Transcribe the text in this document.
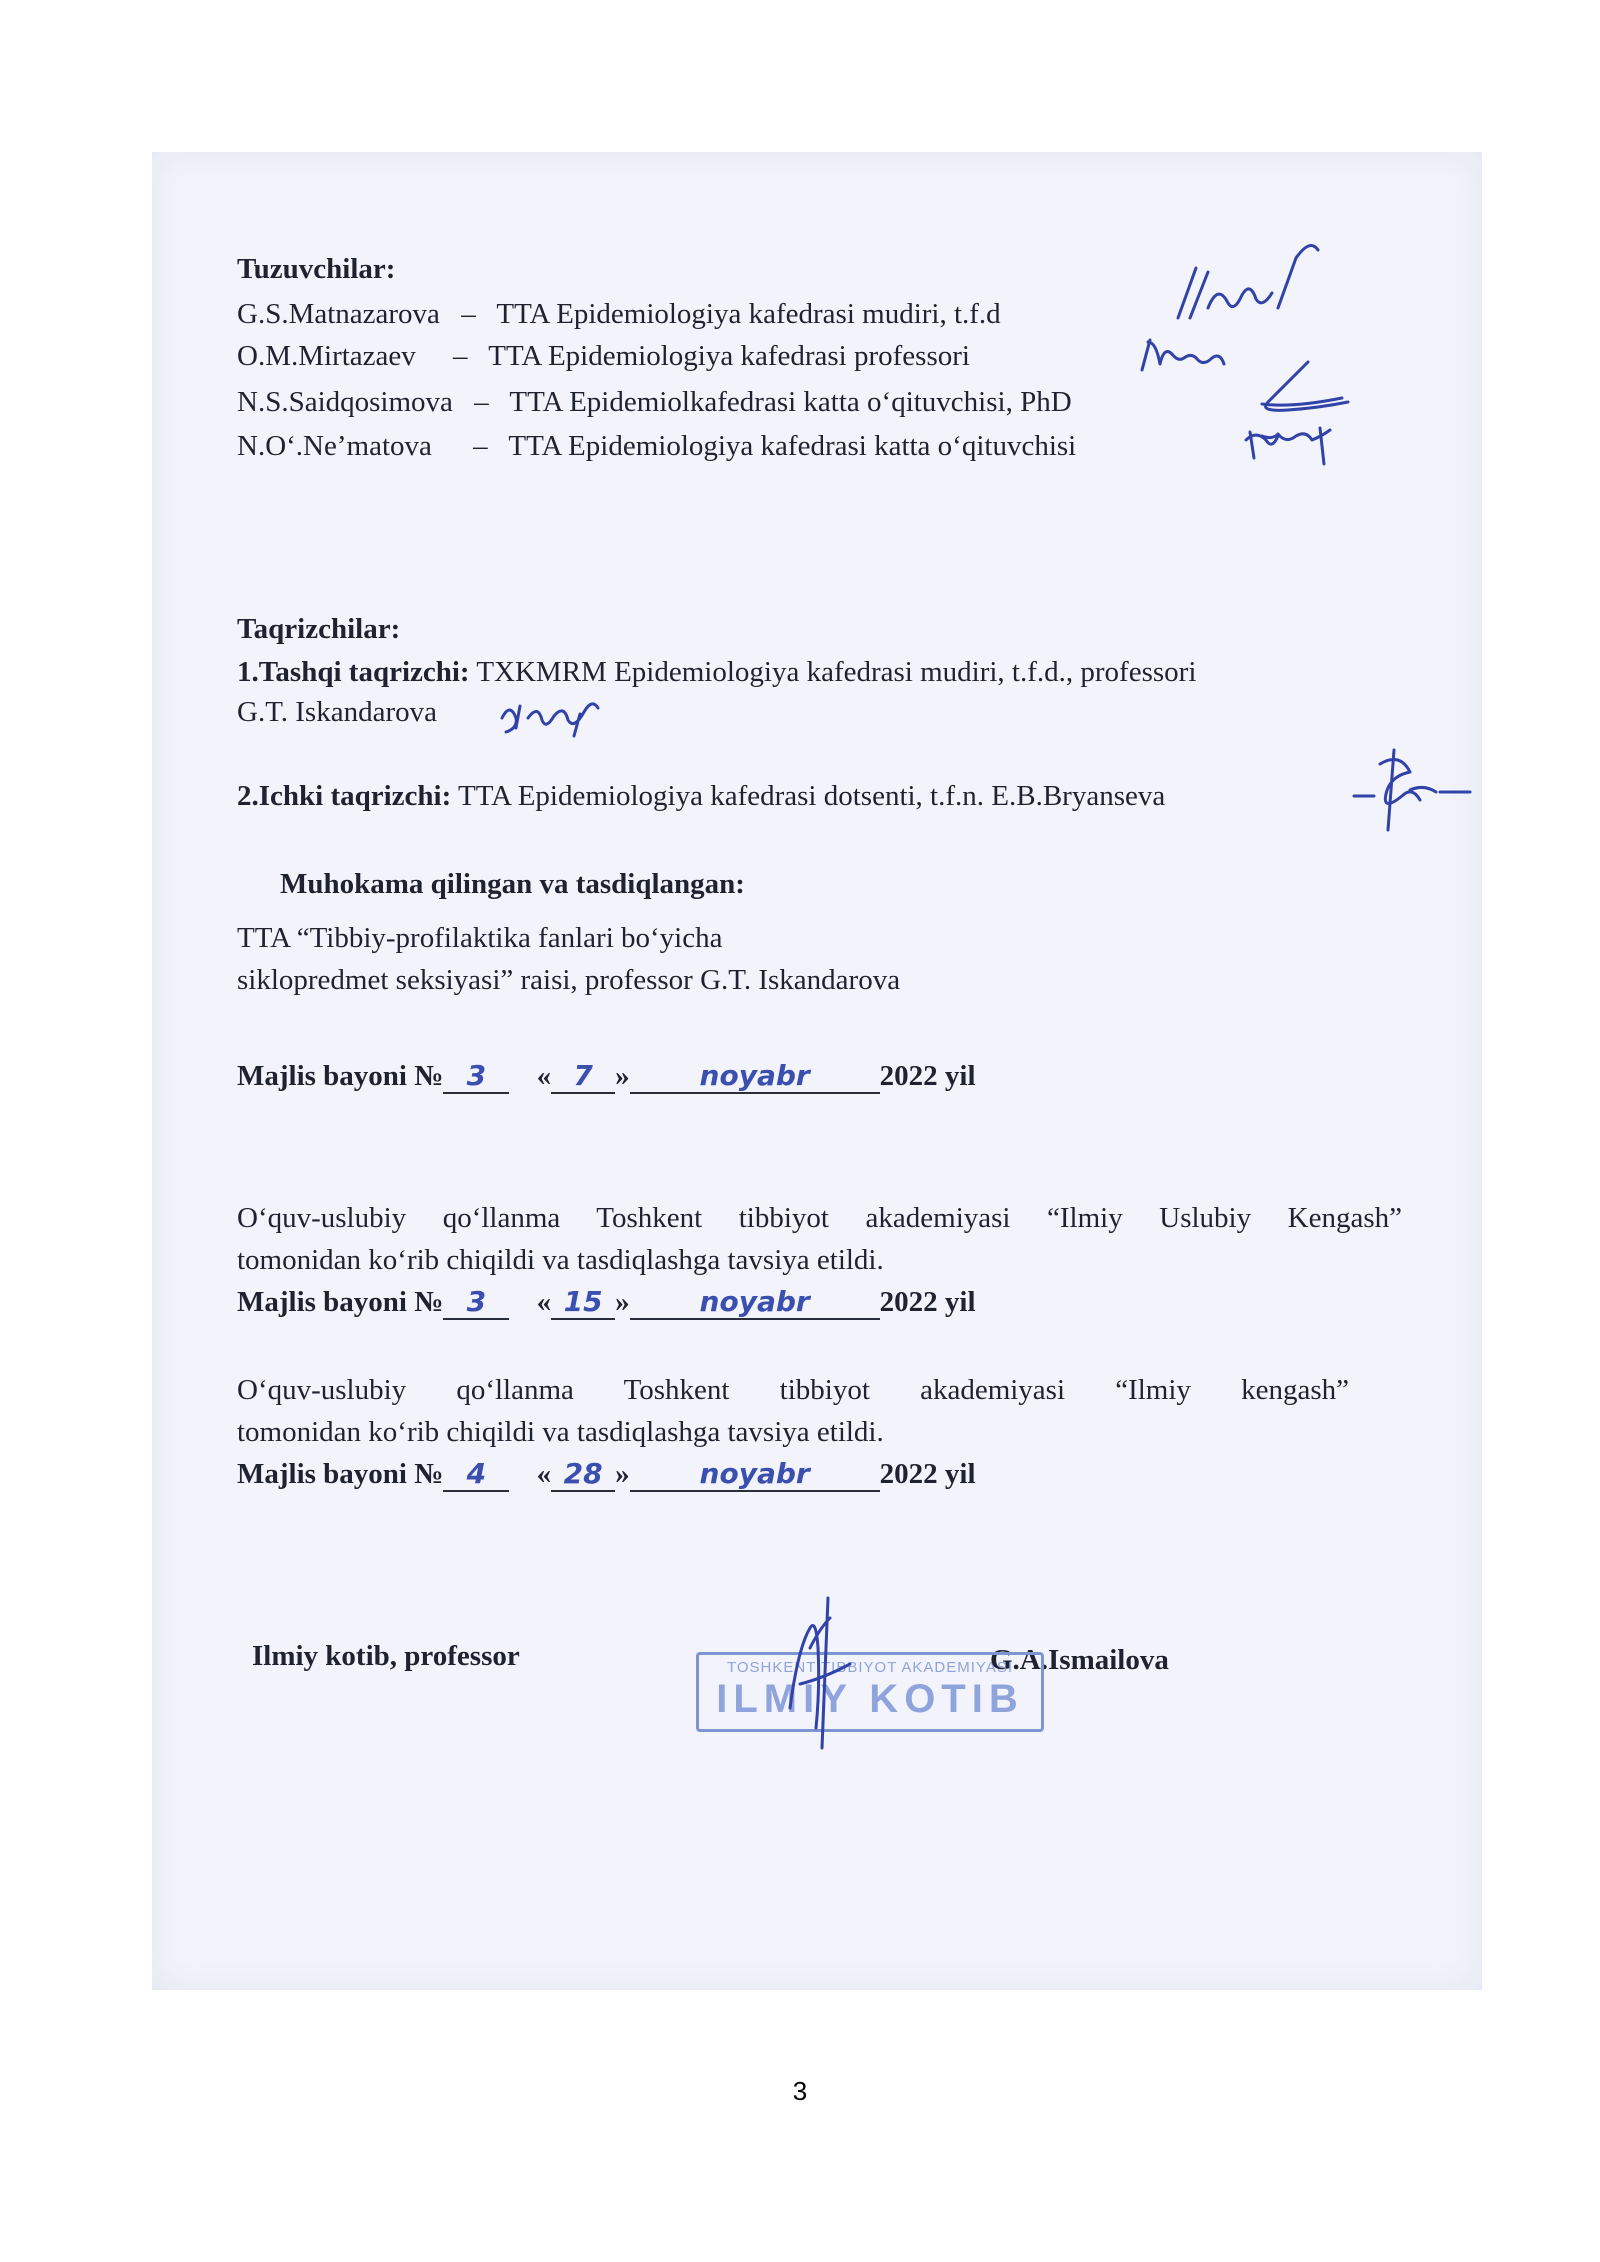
Tuzuvchilar:
G.S.Matnazarova – TTA Epidemiologiya kafedrasi mudiri, t.f.d
O.M.Mirtazaev – TTA Epidemiologiya kafedrasi professori
N.S.Saidqosimova – TTA Epidemiolkafedrasi katta o‘qituvchisi, PhD
N.O‘.Ne’matova – TTA Epidemiologiya kafedrasi katta o‘qituvchisi
Taqrizchilar:
1.Tashqi taqrizchi: TXKMRM Epidemiologiya kafedrasi mudiri, t.f.d., professori
G.T. Iskandarova
2.Ichki taqrizchi: TTA Epidemiologiya kafedrasi dotsenti, t.f.n. E.B.Bryanseva
Muhokama qilingan va tasdiqlangan:
TTA “Tibbiy-profilaktika fanlari bo‘yicha
siklopredmet seksiyasi” raisi, professor G.T. Iskandarova
Majlis bayoni № 3 « 7 » noyabr 2022 yil
O‘quv-uslubiy qo‘llanma Toshkent tibbiyot akademiyasi “Ilmiy Uslubiy Kengash”
tomonidan ko‘rib chiqildi va tasdiqlashga tavsiya etildi.
Majlis bayoni № 3 « 15 » noyabr 2022 yil
O‘quv-uslubiy qo‘llanma Toshkent tibbiyot akademiyasi “Ilmiy kengash”
tomonidan ko‘rib chiqildi va tasdiqlashga tavsiya etildi.
Majlis bayoni № 4 « 28 » noyabr 2022 yil
Ilmiy kotib, professor	G.A.Ismailova
TOSHKENT TIBBIYOT AKADEMIYASI
ILMIY KOTIB
3
